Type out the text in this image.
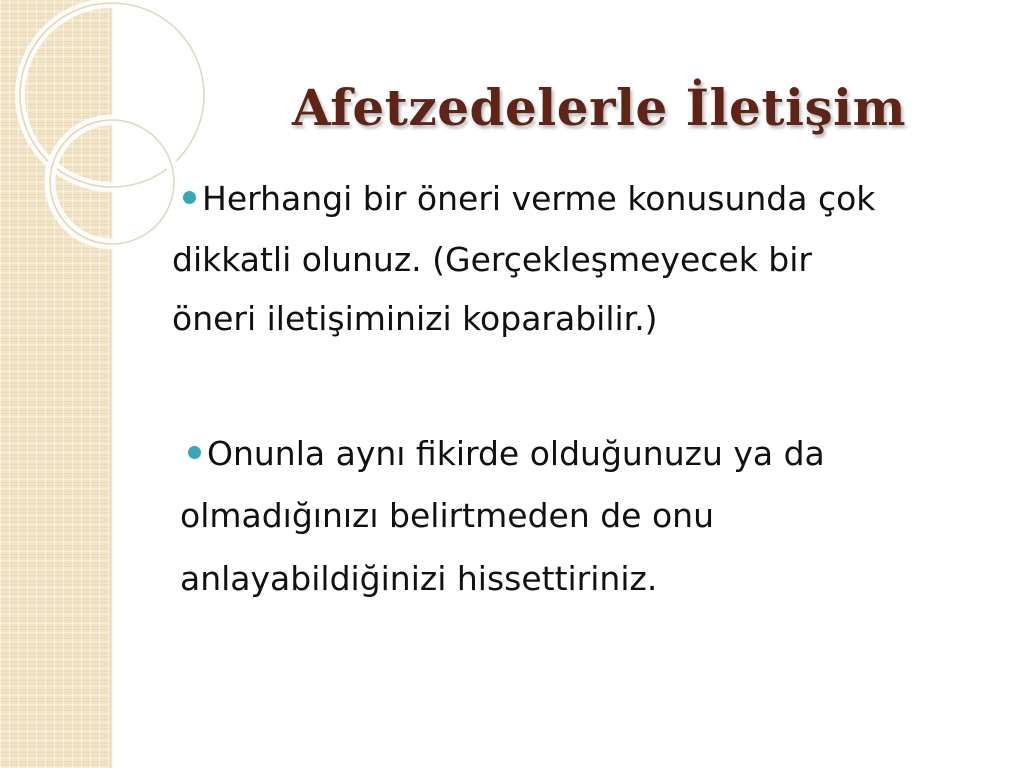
Afetzedelerle İletişim
Herhangi bir öneri verme konusunda çok
dikkatli olunuz. (Gerçekleşmeyecek bir
öneri iletişiminizi koparabilir.)
Onunla aynı fikirde olduğunuzu ya da
olmadığınızı belirtmeden de onu
anlayabildiğinizi hissettiriniz.
